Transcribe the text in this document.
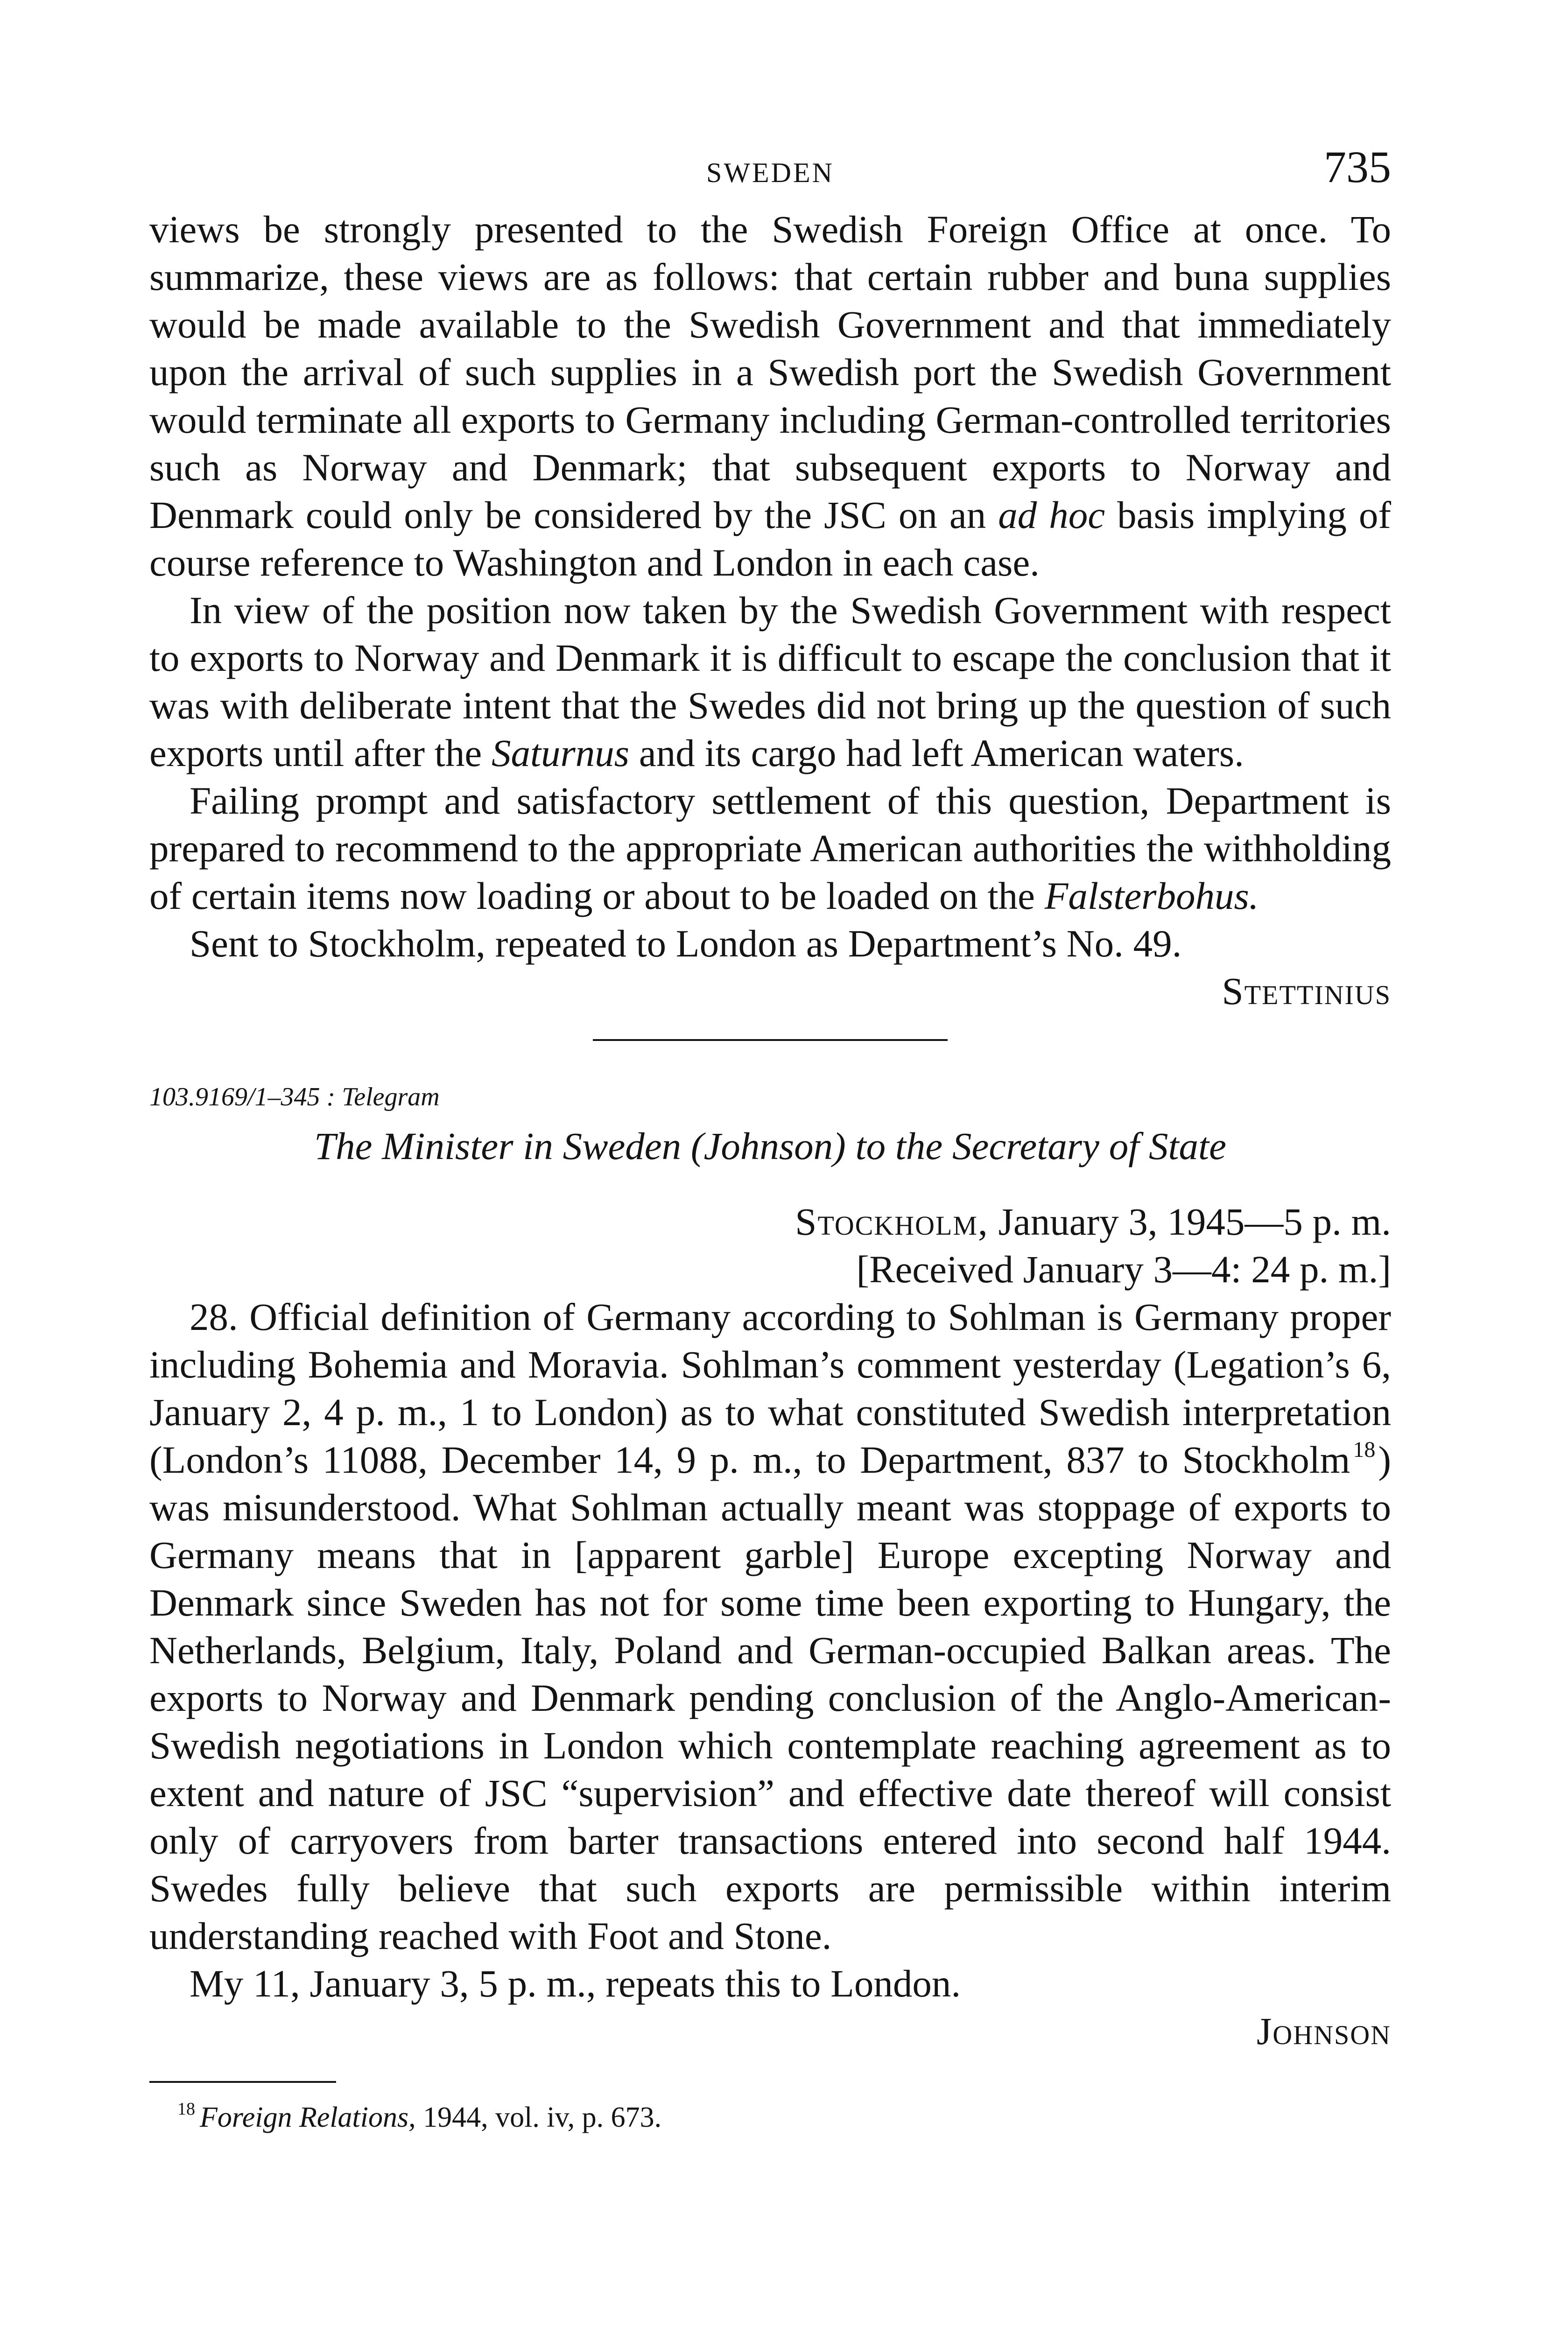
SWEDEN	735

views be strongly presented to the Swedish Foreign Office at once. To summarize, these views are as follows: that certain rubber and buna supplies would be made available to the Swedish Government and that immediately upon the arrival of such supplies in a Swedish port the Swedish Government would terminate all exports to Germany including German-controlled territories such as Norway and Denmark; that subsequent exports to Norway and Denmark could only be considered by the JSC on an ad hoc basis implying of course reference to Washington and London in each case.

In view of the position now taken by the Swedish Government with respect to exports to Norway and Denmark it is difficult to escape the conclusion that it was with deliberate intent that the Swedes did not bring up the question of such exports until after the Saturnus and its cargo had left American waters.

Failing prompt and satisfactory settlement of this question, Department is prepared to recommend to the appropriate American authorities the withholding of certain items now loading or about to be loaded on the Falsterbohus.

Sent to Stockholm, repeated to London as Department’s No. 49.

Stettinius

103.9169/1–345 : Telegram

The Minister in Sweden (Johnson) to the Secretary of State

Stockholm, January 3, 1945—5 p. m.

[Received January 3—4: 24 p. m.]

28. Official definition of Germany according to Sohlman is Germany proper including Bohemia and Moravia. Sohlman’s comment yesterday (Legation’s 6, January 2, 4 p. m., 1 to London) as to what constituted Swedish interpretation (London’s 11088, December 14, 9 p. m., to Department, 837 to Stockholm $^{18}$) was misunderstood. What Sohlman actually meant was stoppage of exports to Germany means that in [apparent garble] Europe excepting Norway and Denmark since Sweden has not for some time been exporting to Hungary, the Netherlands, Belgium, Italy, Poland and German-occupied Balkan areas. The exports to Norway and Denmark pending conclusion of the Anglo-American-Swedish negotiations in London which contemplate reaching agreement as to extent and nature of JSC “supervision” and effective date thereof will consist only of carryovers from barter transactions entered into second half 1944. Swedes fully believe that such exports are permissible within interim understanding reached with Foot and Stone.

My 11, January 3, 5 p. m., repeats this to London.

Johnson

$^{18}$ Foreign Relations, 1944, vol. iv, p. 673.
